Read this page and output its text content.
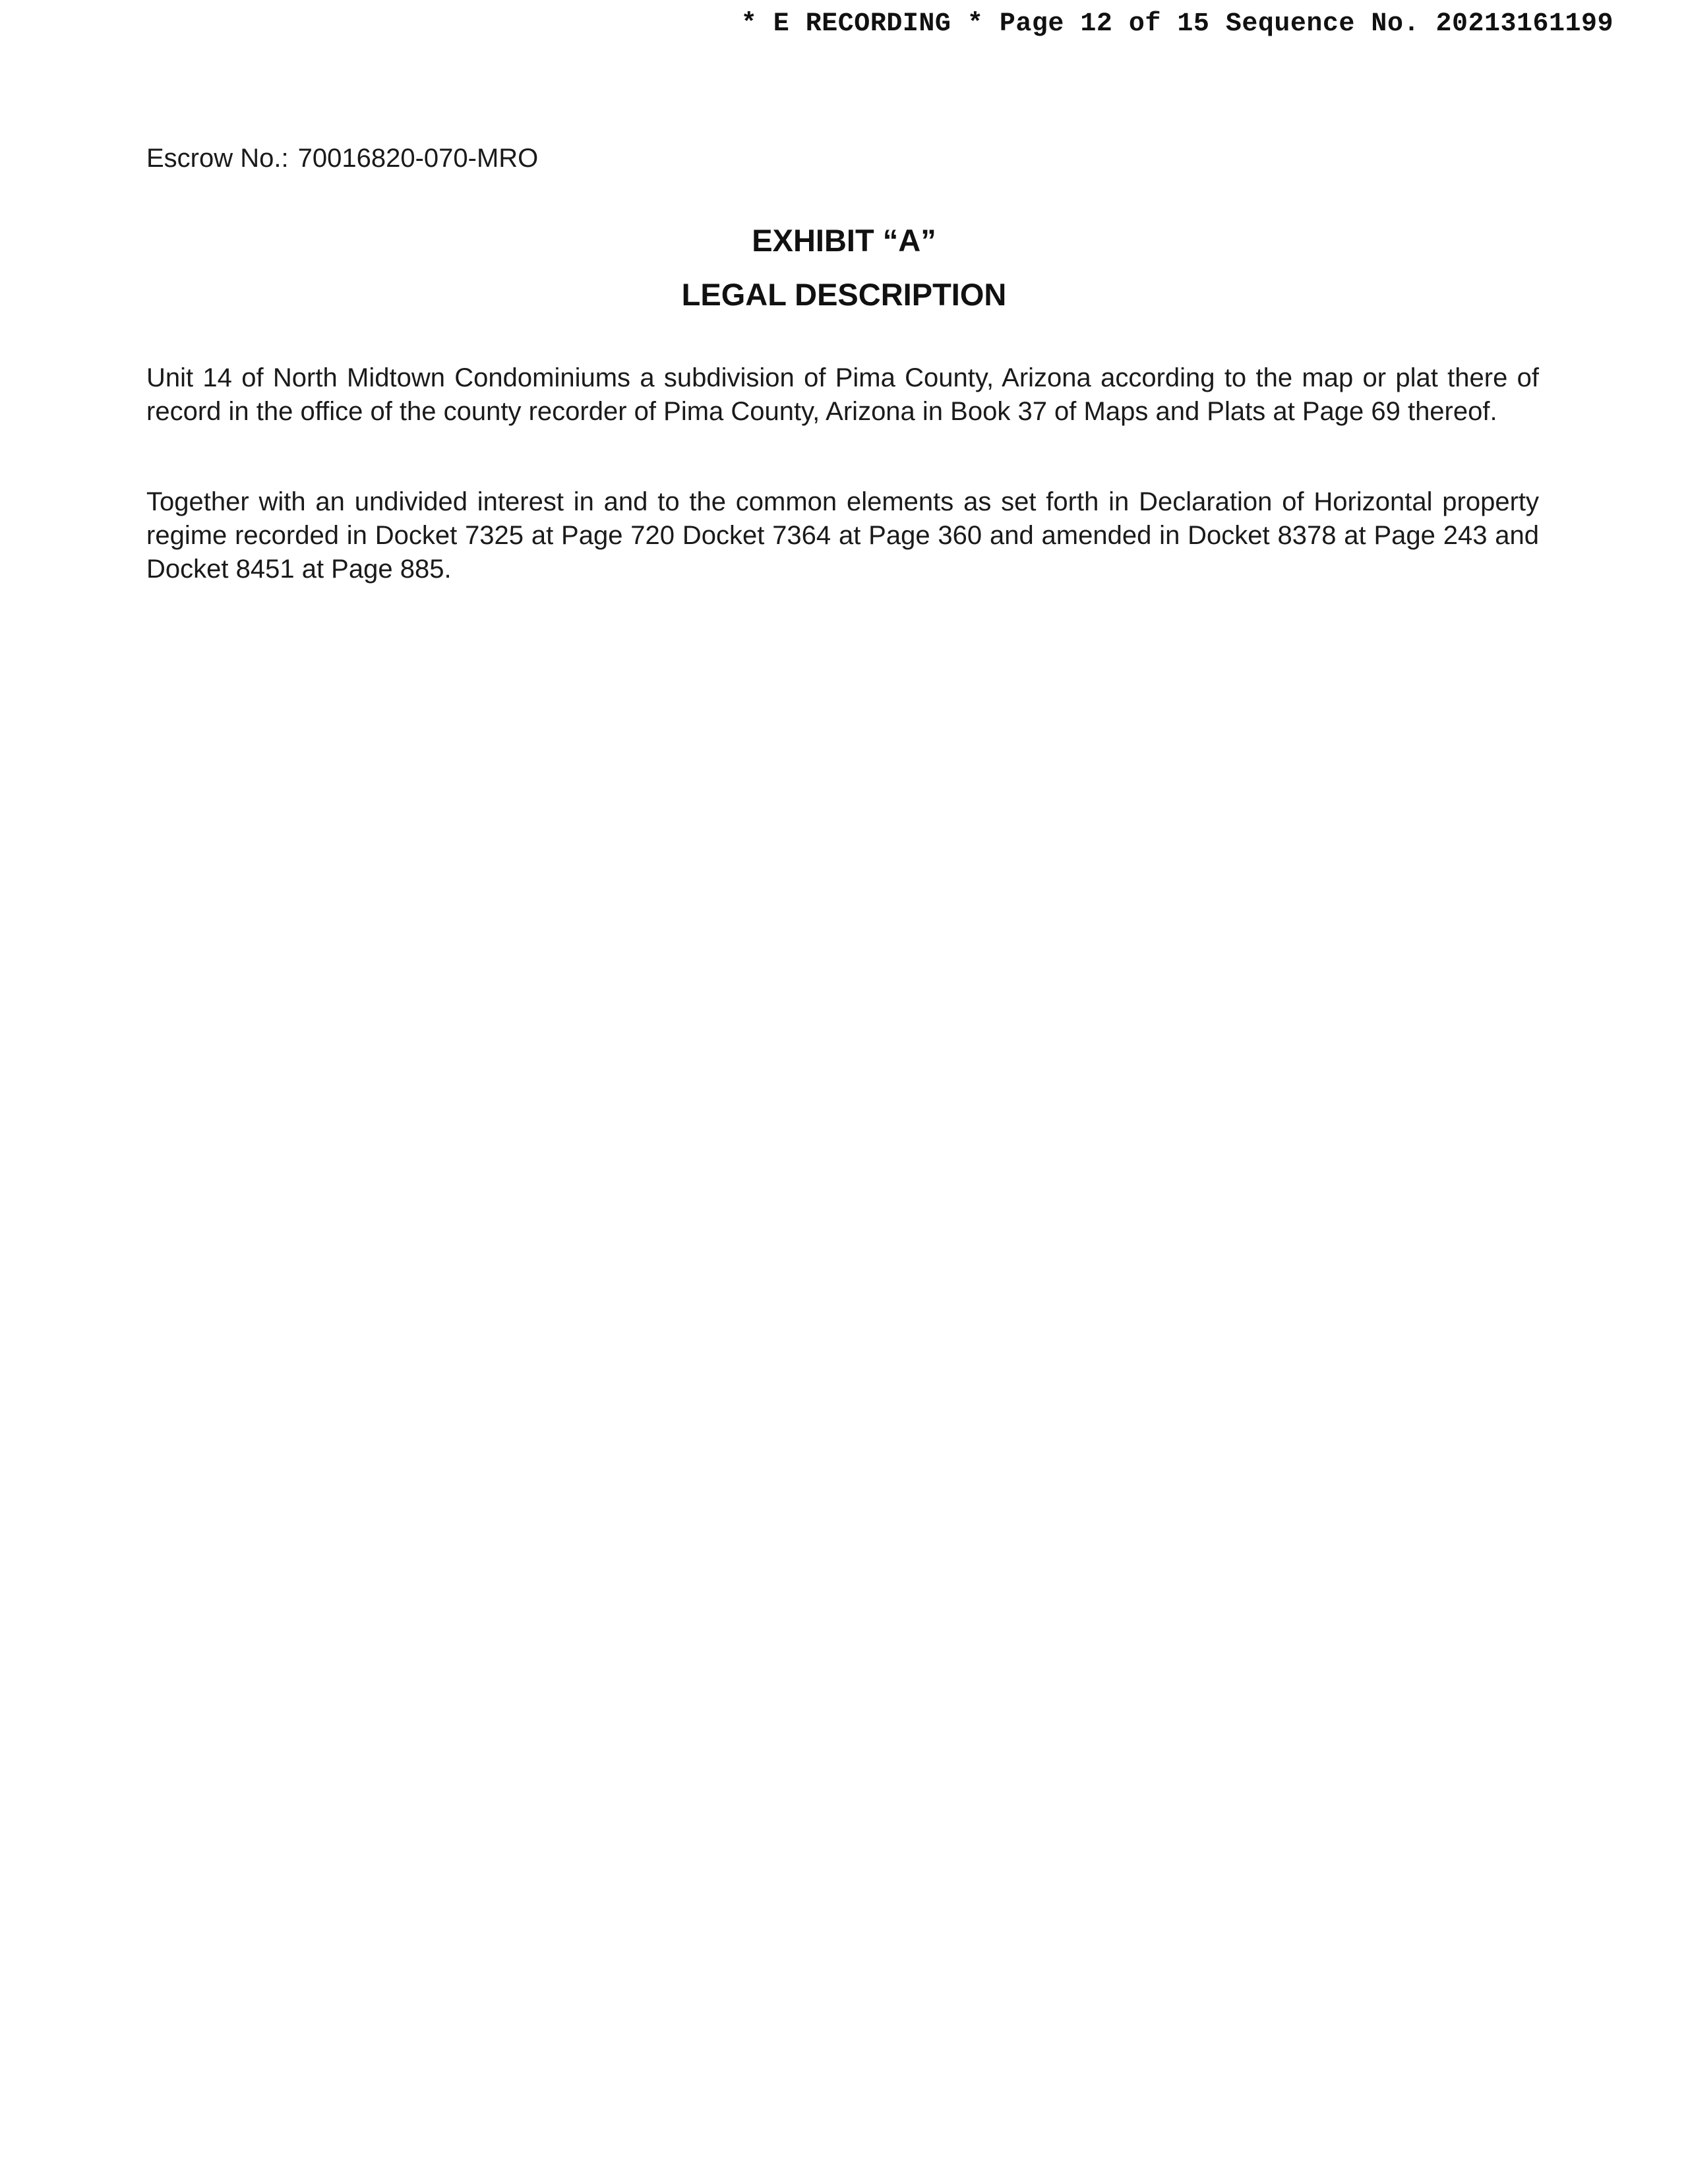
* E RECORDING * Page 12 of 15 Sequence No. 20213161199
Escrow No.: 70016820-070-MRO
EXHIBIT “A”
LEGAL DESCRIPTION

Unit 14 of North Midtown Condominiums a subdivision of Pima County, Arizona according to the map or plat there of record in the office of the county recorder of Pima County, Arizona in Book 37 of Maps and Plats at Page 69 thereof.

Together with an undivided interest in and to the common elements as set forth in Declaration of Horizontal property regime recorded in Docket 7325 at Page 720 Docket 7364 at Page 360 and amended in Docket 8378 at Page 243 and Docket 8451 at Page 885.
